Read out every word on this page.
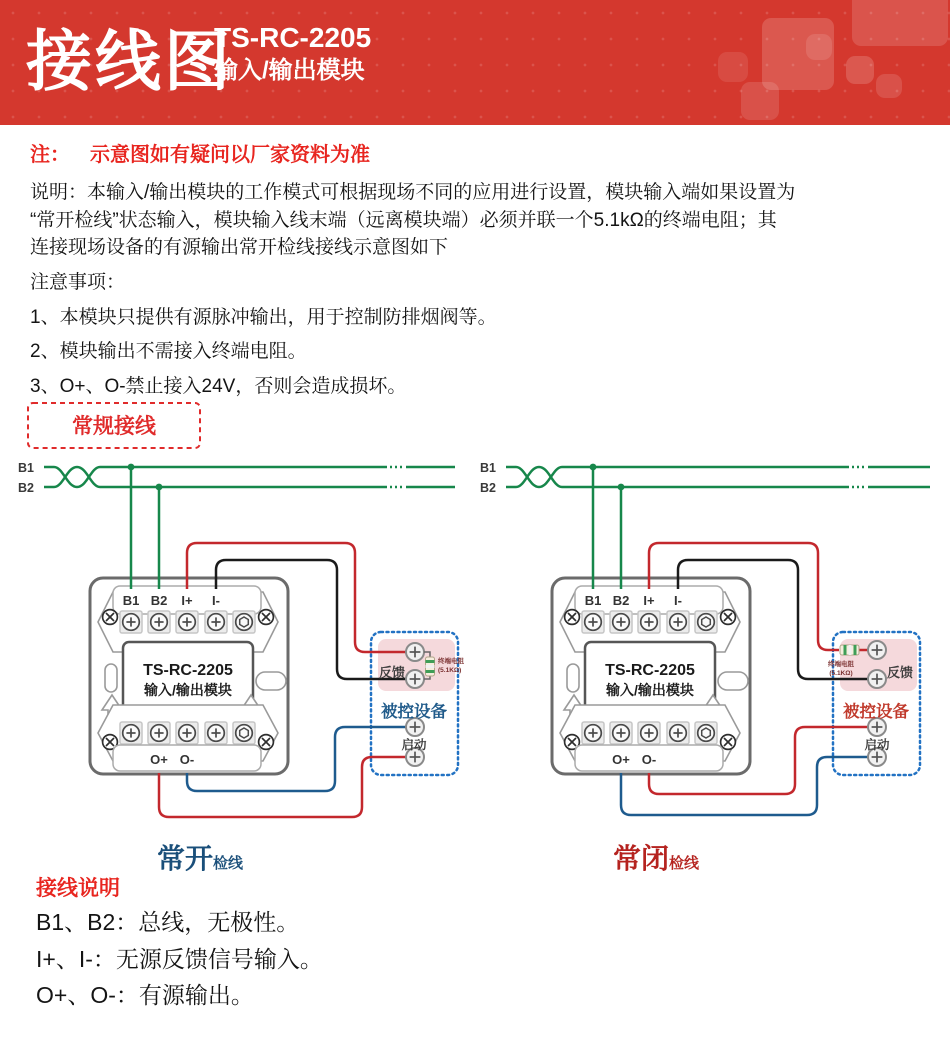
接线图
TS-RC-2205
输入/输出模块
注： 示意图如有疑问以厂家资料为准
说明：本输入/输出模块的工作模式可根据现场不同的应用进行设置，模块输入端如果设置为
“常开检线”状态输入，模块输入线末端（远离模块端）必须并联一个5.1kΩ的终端电阻；其
连接现场设备的有源输出常开检线接线示意图如下
注意事项：
1、本模块只提供有源脉冲输出，用于控制防排烟阀等。
2、模块输出不需接入终端电阻。
3、O+、O-禁止接入24V，否则会造成损坏。
常规接线
B1
B2
B1
B2
终端电阻
(5.1KΩ)
反馈
被控设备
启动
终端电阻
(5.1KΩ)	反馈
被控设备
启动
常开检线	常闭检线
接线说明
B1、B2：总线，无极性。
I+、I-：无源反馈信号输入。
O+、O-：有源输出。
